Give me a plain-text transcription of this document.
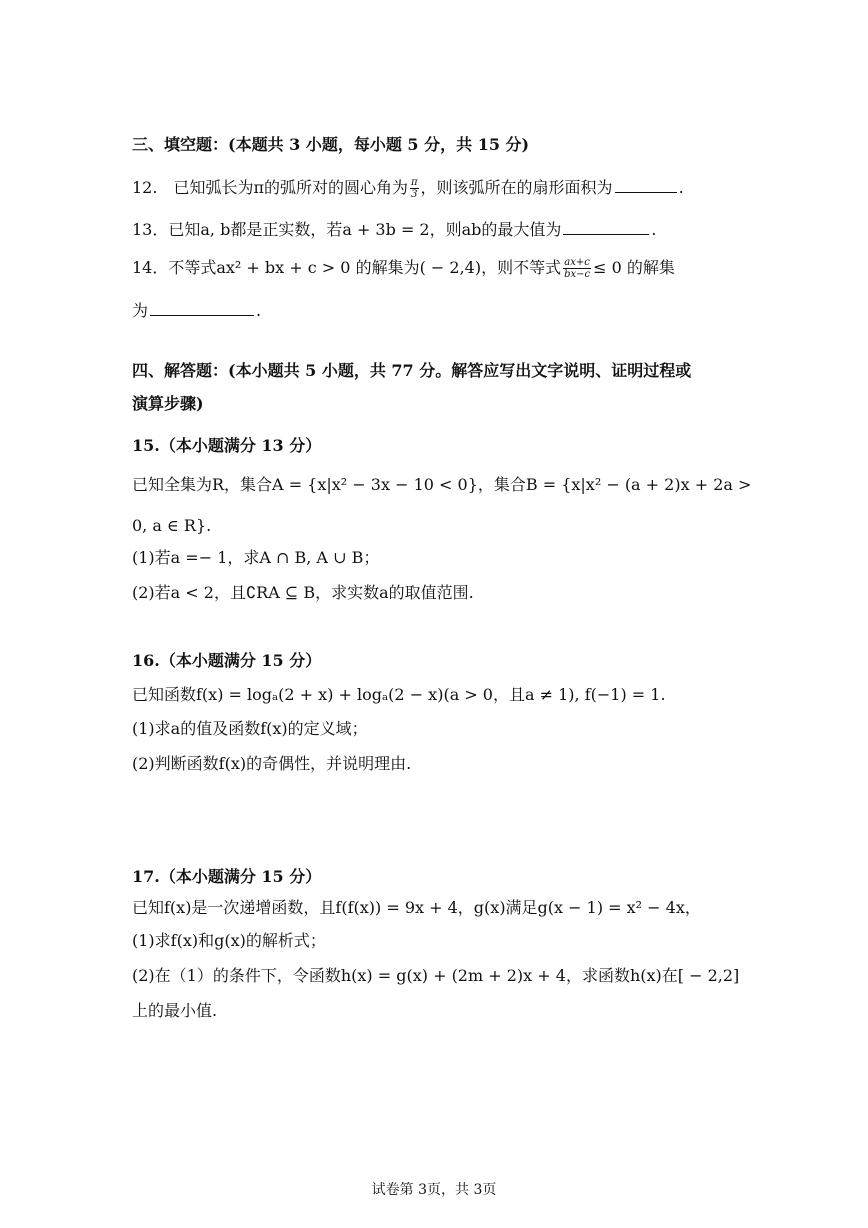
三、填空题：(本题共 3 小题，每小题 5 分，共 15 分)
12.　已知弧长为π的弧所对的圆心角为 $\frac{\pi}{3}$ ，则该弧所在的扇形面积为	.
13．已知a, b都是正实数，若a + 3b = 2，则ab的最大值为	.
14．不等式ax² + bx + c > 0 的解集为( − 2,4)，则不等式 $\frac{ax+c}{bx-c} \le 0$ 的解集
为	.
四、解答题：(本小题共 5 小题，共 77 分。解答应写出文字说明、证明过程或
演算步骤)
15.（本小题满分 13 分）
已知全集为R，集合A = {x|x² − 3x − 10 < 0}，集合B = {x|x² − (a + 2)x + 2a >
0, a ∈ R}.
(1)若a =− 1，求A ∩ B, A ∪ B；
(2)若a < 2，且∁RA ⊆ B，求实数a的取值范围.
16.（本小题满分 15 分）
已知函数f(x) = logₐ(2 + x) + logₐ(2 − x)(a > 0，且a ≠ 1), f(−1) = 1.
(1)求a的值及函数f(x)的定义域；
(2)判断函数f(x)的奇偶性，并说明理由.
17.（本小题满分 15 分）
已知f(x)是一次递增函数，且f(f(x)) = 9x + 4，g(x)满足g(x − 1) = x² − 4x，
(1)求f(x)和g(x)的解析式；
(2)在（1）的条件下，令函数h(x) = g(x) + (2m + 2)x + 4，求函数h(x)在[ − 2,2]
上的最小值.
试卷第 3页，共 3页
